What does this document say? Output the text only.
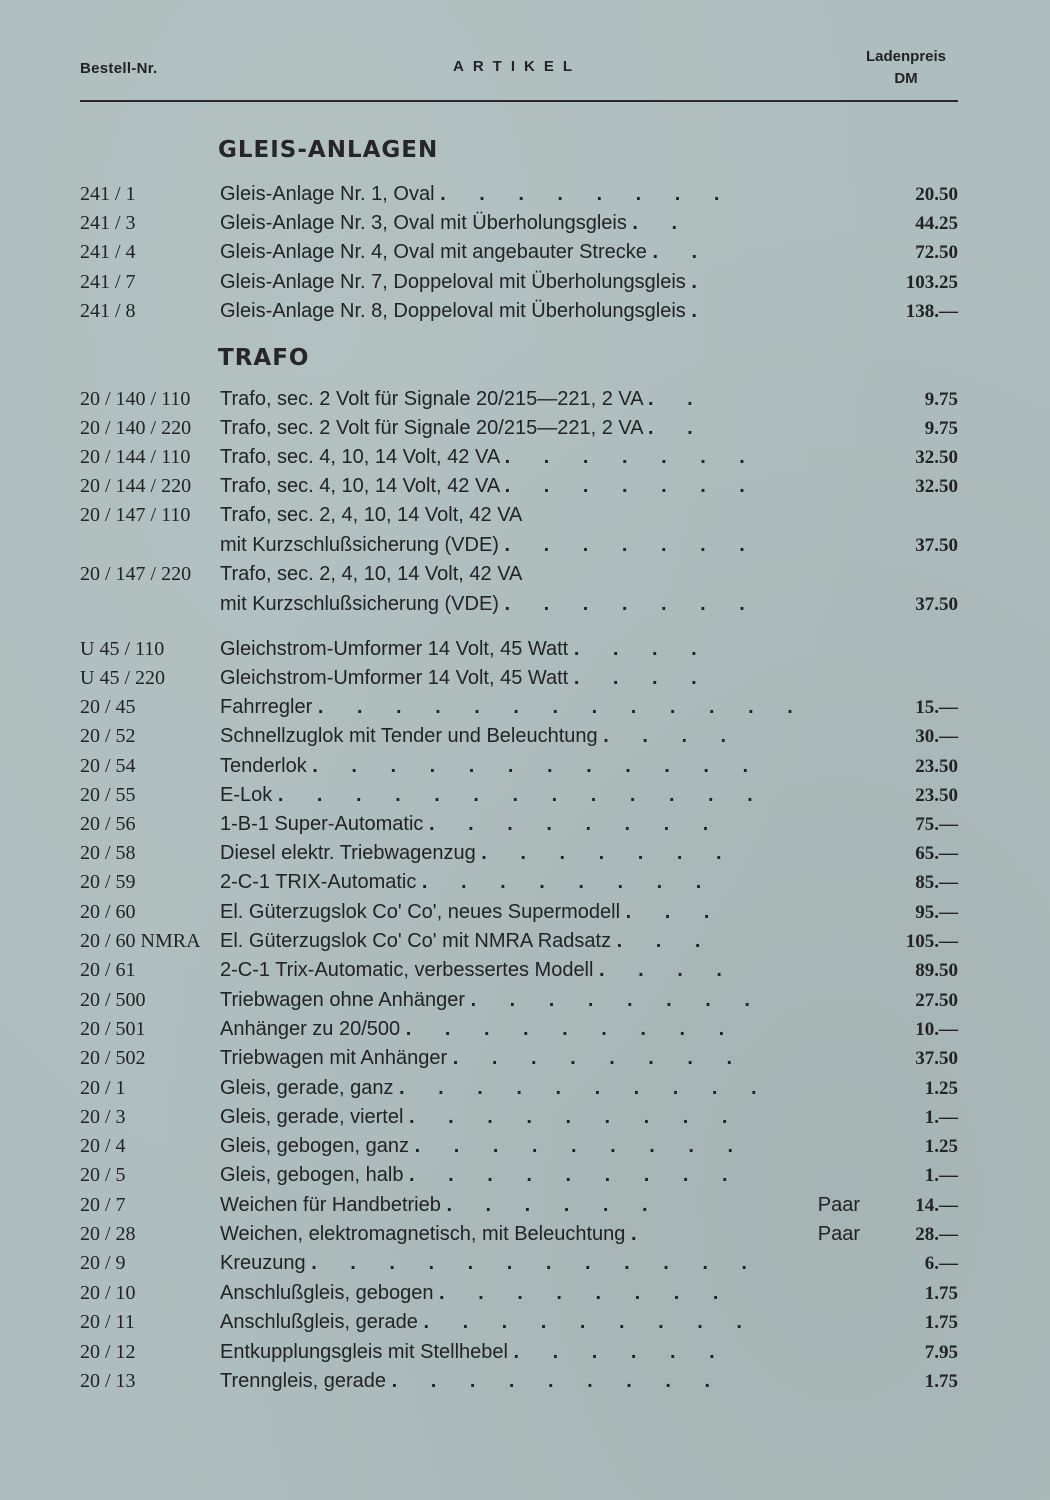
Bestell-Nr.	ARTIKEL
Ladenpreis
DM
GLEIS-ANLAGEN
TRAFO
241 / 1	Gleis-Anlage Nr. 1, Oval . . . . . . . .	20.50
241 / 3	Gleis-Anlage Nr. 3, Oval mit Überholungsgleis . .	44.25
241 / 4	Gleis-Anlage Nr. 4, Oval mit angebauter Strecke . .	72.50
241 / 7	Gleis-Anlage Nr. 7, Doppeloval mit Überholungsgleis .	103.25
241 / 8	Gleis-Anlage Nr. 8, Doppeloval mit Überholungsgleis .	138.—
20 / 140 / 110 Trafo, sec. 2 Volt für Signale 20/215—221, 2 VA . .	9.75
20 / 140 / 220 Trafo, sec. 2 Volt für Signale 20/215—221, 2 VA . .	9.75
20 / 144 / 110 Trafo, sec. 4, 10, 14 Volt, 42 VA . . . . . . .	32.50
20 / 144 / 220 Trafo, sec. 4, 10, 14 Volt, 42 VA . . . . . . .	32.50
20 / 147 / 110 Trafo, sec. 2, 4, 10, 14 Volt, 42 VA
mit Kurzschlußsicherung (VDE) . . . . . . .	37.50
20 / 147 / 220 Trafo, sec. 2, 4, 10, 14 Volt, 42 VA
mit Kurzschlußsicherung (VDE) . . . . . . .	37.50
U 45 / 110	Gleichstrom-Umformer 14 Volt, 45 Watt . . . .
U 45 / 220	Gleichstrom-Umformer 14 Volt, 45 Watt . . . .
20 / 45	Fahrregler . . . . . . . . . . . . .	15.—
20 / 52	Schnellzuglok mit Tender und Beleuchtung . . . .	30.—
20 / 54	Tenderlok . . . . . . . . . . . .	23.50
20 / 55	E-Lok . . . . . . . . . . . . .	23.50
20 / 56	1-B-1 Super-Automatic . . . . . . . .	75.—
20 / 58	Diesel elektr. Triebwagenzug . . . . . . .	65.—
20 / 59	2-C-1 TRIX-Automatic . . . . . . . .	85.—
20 / 60	El. Güterzugslok Co' Co', neues Supermodell . . .	95.—
20 / 60 NMRA El. Güterzugslok Co' Co' mit NMRA Radsatz . . .	105.—
20 / 61	2-C-1 Trix-Automatic, verbessertes Modell . . . .	89.50
20 / 500	Triebwagen ohne Anhänger . . . . . . . .	27.50
20 / 501	Anhänger zu 20/500 . . . . . . . . .	10.—
20 / 502	Triebwagen mit Anhänger . . . . . . . .	37.50
20 / 1	Gleis, gerade, ganz . . . . . . . . . .	1.25
20 / 3	Gleis, gerade, viertel . . . . . . . . .	1.—
20 / 4	Gleis, gebogen, ganz . . . . . . . . .	1.25
20 / 5	Gleis, gebogen, halb . . . . . . . . .	1.—
20 / 7	Weichen für Handbetrieb . . . . . .	Paar	14.—
20 / 28	Weichen, elektromagnetisch, mit Beleuchtung .	Paar	28.—
20 / 9	Kreuzung . . . . . . . . . . . .	6.—
20 / 10	Anschlußgleis, gebogen . . . . . . . .	1.75
20 / 11	Anschlußgleis, gerade . . . . . . . . .	1.75
20 / 12	Entkupplungsgleis mit Stellhebel . . . . . .	7.95
20 / 13	Trenngleis, gerade . . . . . . . . .	1.75
